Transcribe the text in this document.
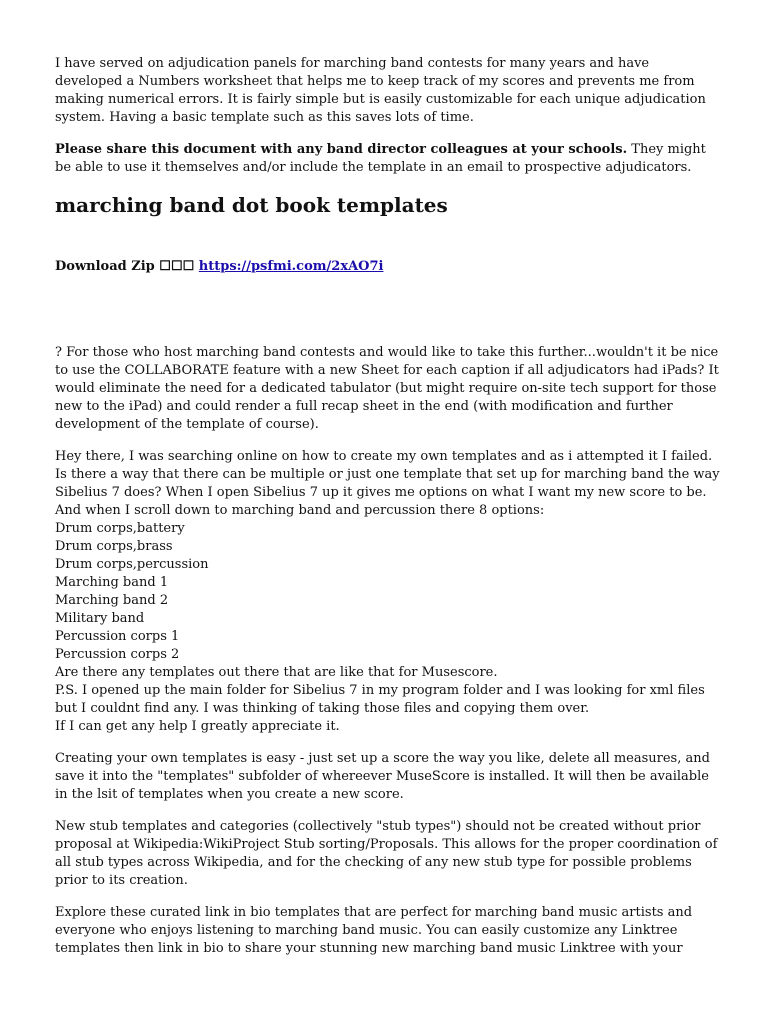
I have served on adjudication panels for marching band contests for many years and have developed a Numbers worksheet that helps me to keep track of my scores and prevents me from making numerical errors. It is fairly simple but is easily customizable for each unique adjudication system. Having a basic template such as this saves lots of time.

Please share this document with any band director colleagues at your schools. They might be able to use it themselves and/or include the template in an email to prospective adjudicators.

marching band dot book templates

Download Zip ☐☐☐ https://psfmi.com/2xAO7i

? For those who host marching band contests and would like to take this further...wouldn't it be nice to use the COLLABORATE feature with a new Sheet for each caption if all adjudicators had iPads? It would eliminate the need for a dedicated tabulator (but might require on-site tech support for those new to the iPad) and could render a full recap sheet in the end (with modification and further development of the template of course).

Hey there, I was searching online on how to create my own templates and as i attempted it I failed. Is there a way that there can be multiple or just one template that set up for marching band the way Sibelius 7 does? When I open Sibelius 7 up it gives me options on what I want my new score to be. And when I scroll down to marching band and percussion there 8 options:
Drum corps,battery
Drum corps,brass
Drum corps,percussion
Marching band 1
Marching band 2
Military band
Percussion corps 1
Percussion corps 2
Are there any templates out there that are like that for Musescore.
P.S. I opened up the main folder for Sibelius 7 in my program folder and I was looking for xml files but I couldnt find any. I was thinking of taking those files and copying them over.
If I can get any help I greatly appreciate it.

Creating your own templates is easy - just set up a score the way you like, delete all measures, and save it into the "templates" subfolder of whereever MuseScore is installed. It will then be available in the lsit of templates when you create a new score.

New stub templates and categories (collectively "stub types") should not be created without prior proposal at Wikipedia:WikiProject Stub sorting/Proposals. This allows for the proper coordination of all stub types across Wikipedia, and for the checking of any new stub type for possible problems prior to its creation.

Explore these curated link in bio templates that are perfect for marching band music artists and everyone who enjoys listening to marching band music. You can easily customize any Linktree templates then link in bio to share your stunning new marching band music Linktree with your
